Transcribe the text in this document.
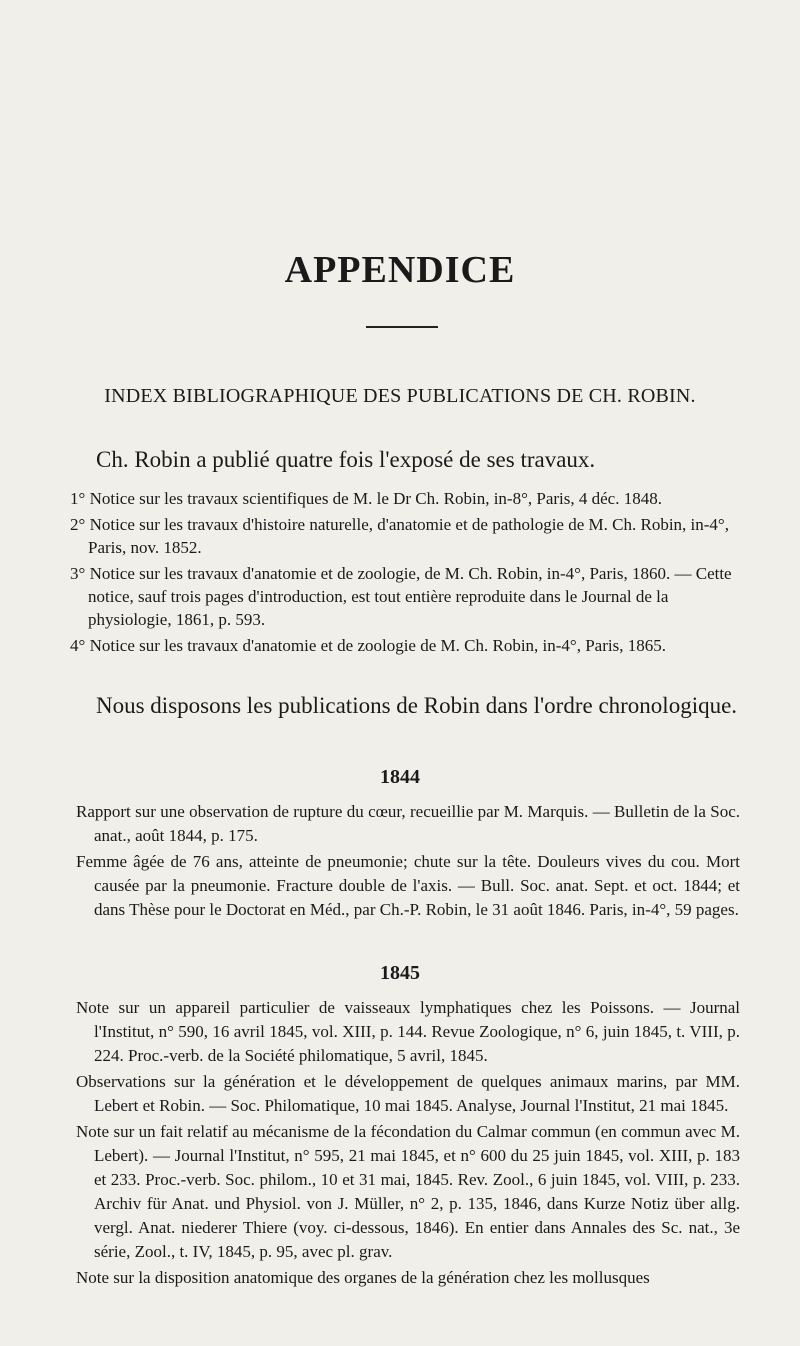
APPENDICE
INDEX BIBLIOGRAPHIQUE DES PUBLICATIONS DE CH. ROBIN.
Ch. Robin a publié quatre fois l'exposé de ses travaux.

1° Notice sur les travaux scientifiques de M. le Dr Ch. Robin, in-8°, Paris, 4 déc. 1848.

2° Notice sur les travaux d'histoire naturelle, d'anatomie et de pathologie de M. Ch. Robin, in-4°, Paris, nov. 1852.

3° Notice sur les travaux d'anatomie et de zoologie, de M. Ch. Robin, in-4°, Paris, 1860. — Cette notice, sauf trois pages d'introduction, est tout entière reproduite dans le Journal de la physiologie, 1861, p. 593.

4° Notice sur les travaux d'anatomie et de zoologie de M. Ch. Robin, in-4°, Paris, 1865.

Nous disposons les publications de Robin dans l'ordre chronologique.
1844

Rapport sur une observation de rupture du cœur, recueillie par M. Marquis. — Bulletin de la Soc. anat., août 1844, p. 175.

Femme âgée de 76 ans, atteinte de pneumonie; chute sur la tête. Douleurs vives du cou. Mort causée par la pneumonie. Fracture double de l'axis. — Bull. Soc. anat. Sept. et oct. 1844; et dans Thèse pour le Doctorat en Méd., par Ch.-P. Robin, le 31 août 1846. Paris, in-4°, 59 pages.

1845

Note sur un appareil particulier de vaisseaux lymphatiques chez les Poissons. — Journal l'Institut, n° 590, 16 avril 1845, vol. XIII, p. 144. Revue Zoologique, n° 6, juin 1845, t. VIII, p. 224. Proc.-verb. de la Société philomatique, 5 avril, 1845.

Observations sur la génération et le développement de quelques animaux marins, par MM. Lebert et Robin. — Soc. Philomatique, 10 mai 1845. Analyse, Journal l'Institut, 21 mai 1845.

Note sur un fait relatif au mécanisme de la fécondation du Calmar commun (en commun avec M. Lebert). — Journal l'Institut, n° 595, 21 mai 1845, et n° 600 du 25 juin 1845, vol. XIII, p. 183 et 233. Proc.-verb. Soc. philom., 10 et 31 mai, 1845. Rev. Zool., 6 juin 1845, vol. VIII, p. 233. Archiv für Anat. und Physiol. von J. Müller, n° 2, p. 135, 1846, dans Kurze Notiz über allg. vergl. Anat. niederer Thiere (voy. ci-dessous, 1846). En entier dans Annales des Sc. nat., 3e série, Zool., t. IV, 1845, p. 95, avec pl. grav.

Note sur la disposition anatomique des organes de la génération chez les mollusques
